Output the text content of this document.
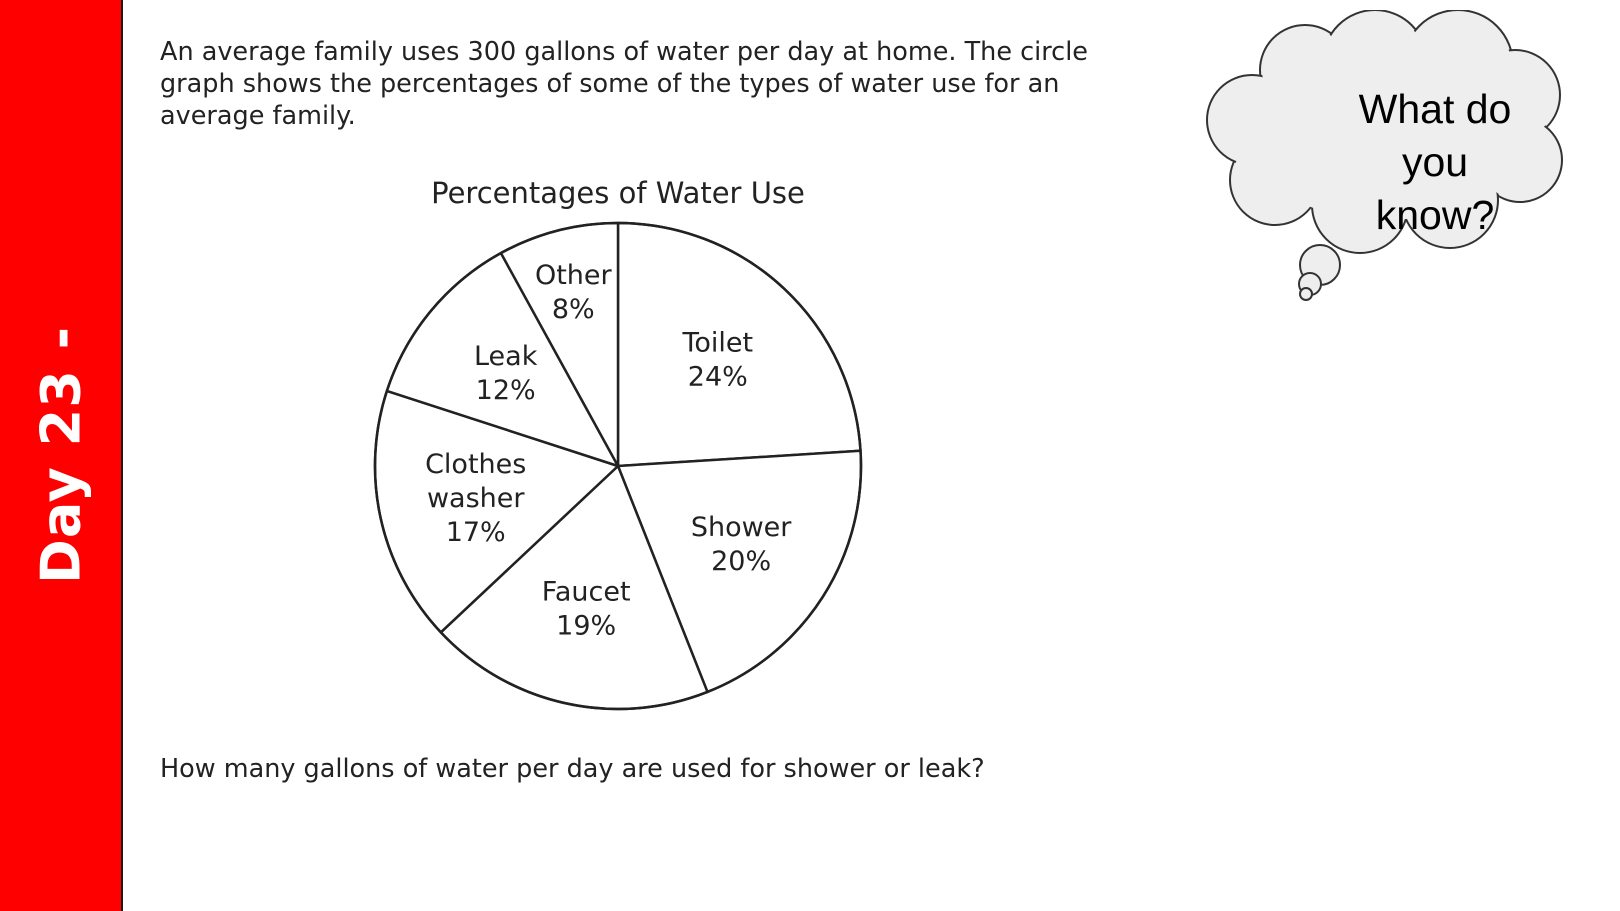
Day 23 -
An average family uses 300 gallons of water per day at home. The circle graph shows the percentages of some of the types of water use for an average family.
Percentages of Water Use
Toilet 24%
Shower 20%
Faucet 19%
Clothes washer 17%
Leak 12%
Other 8%
How many gallons of water per day are used for shower or leak?
What do
you know?
